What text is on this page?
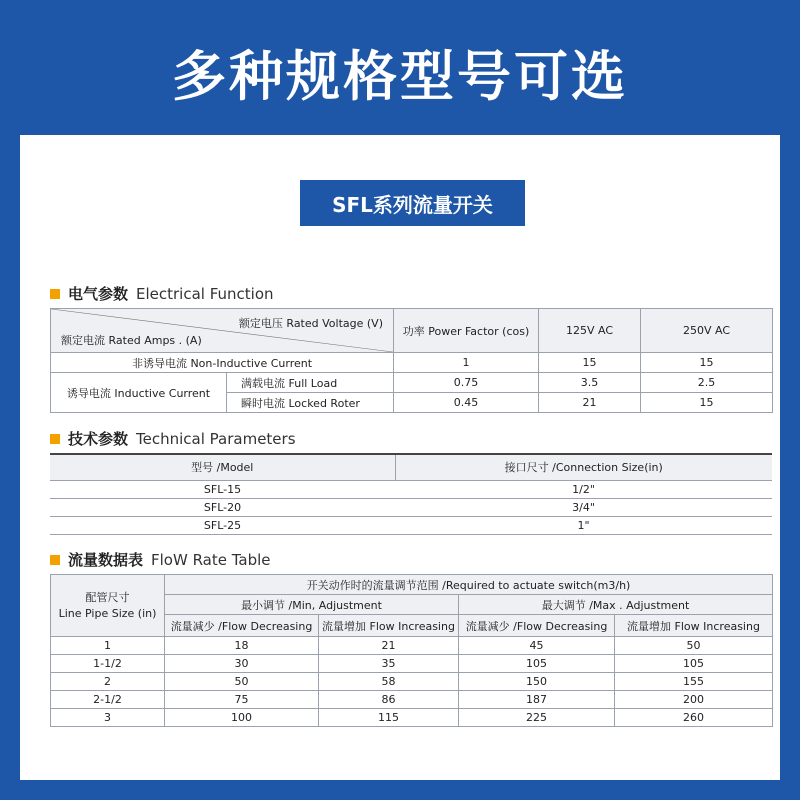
多种规格型号可选
SFL系列流量开关
电气参数 Electrical Function
额定电压 Rated Voltage (V)
额定电流 Rated Amps . (A)		功率 Power Factor (cos)	125V AC	250V AC
非诱导电流 Non-Inductive Current		1	15	15
诱导电流 Inductive Current	满载电流 Full Load	0.75	3.5	2.5
	瞬时电流 Locked Roter	0.45	21	15
技术参数 Technical Parameters
型号 /Model	接口尺寸 /Connection Size(in)
SFL-15	1/2"
SFL-20	3/4"
SFL-25	1"
流量数据表 FloW Rate Table
配管尺寸
Line Pipe Size (in)	开关动作时的流量调节范围 /Required to actuate switch(m3/h)			
	最小调节 /Min, Adjustment		最大调节 /Max . Adjustment	
	流量减少 /Flow Decreasing	流量增加 Flow Increasing	流量减少 /Flow Decreasing	流量增加 Flow Increasing
1	18	21	45	50
1-1/2	30	35	105	105
2	50	58	150	155
2-1/2	75	86	187	200
3	100	115	225	260
